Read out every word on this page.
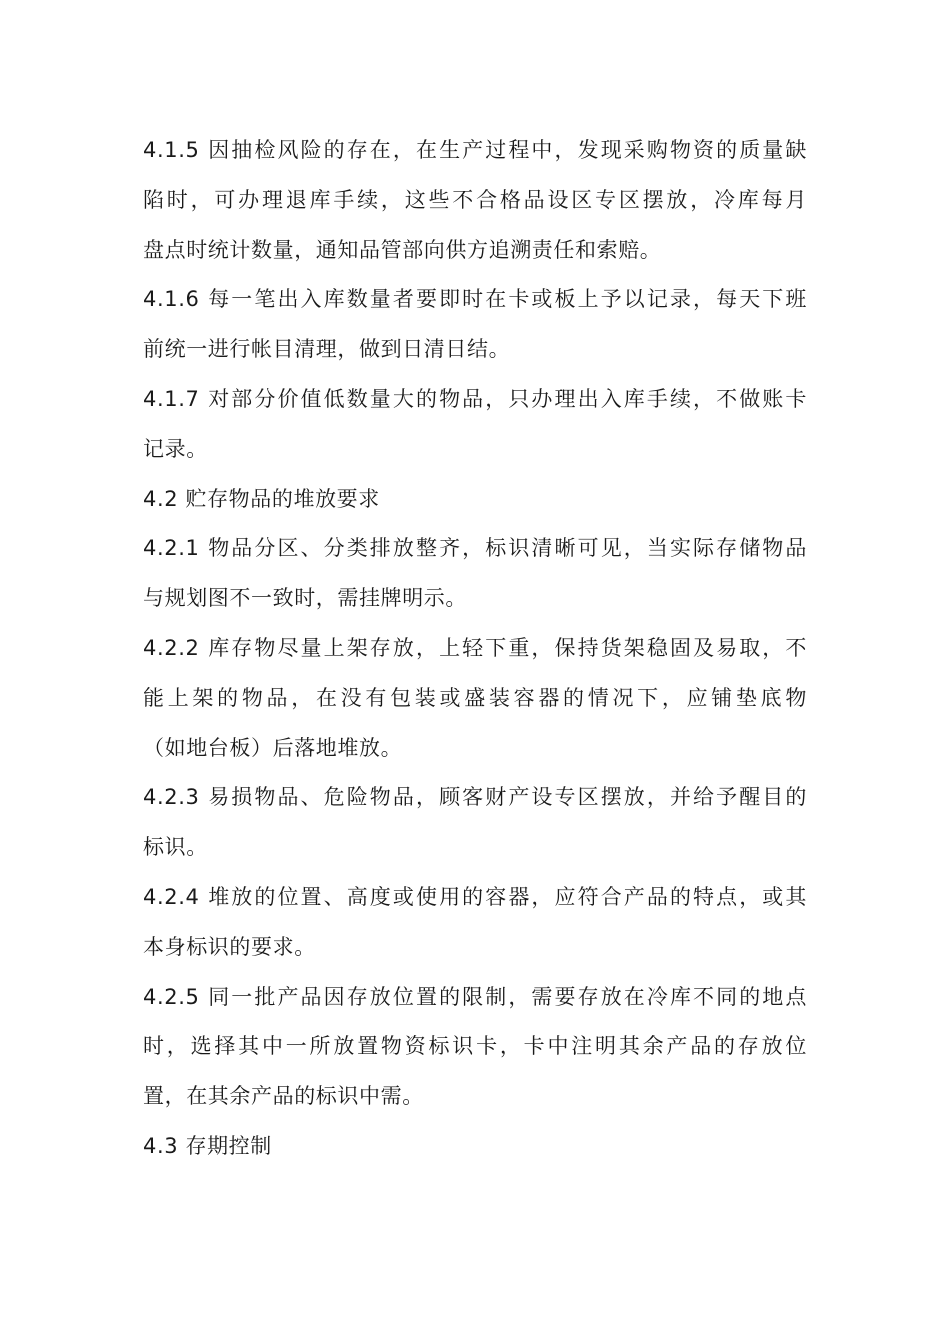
4.1.5 因抽检风险的存在，在生产过程中，发现采购物资的质量缺
陷时，可办理退库手续，这些不合格品设区专区摆放，冷库每月
盘点时统计数量，通知品管部向供方追溯责任和索赔。

4.1.6 每一笔出入库数量者要即时在卡或板上予以记录，每天下班
前统一进行帐目清理，做到日清日结。

4.1.7 对部分价值低数量大的物品，只办理出入库手续，不做账卡
记录。

4.2 贮存物品的堆放要求

4.2.1 物品分区、分类排放整齐，标识清晰可见，当实际存储物品
与规划图不一致时，需挂牌明示。

4.2.2 库存物尽量上架存放，上轻下重，保持货架稳固及易取，不
能上架的物品，在没有包装或盛装容器的情况下，应铺垫底物
（如地台板）后落地堆放。

4.2.3 易损物品、危险物品，顾客财产设专区摆放，并给予醒目的
标识。

4.2.4 堆放的位置、高度或使用的容器，应符合产品的特点，或其
本身标识的要求。

4.2.5 同一批产品因存放位置的限制，需要存放在冷库不同的地点
时，选择其中一所放置物资标识卡，卡中注明其余产品的存放位
置，在其余产品的标识中需。

4.3 存期控制
